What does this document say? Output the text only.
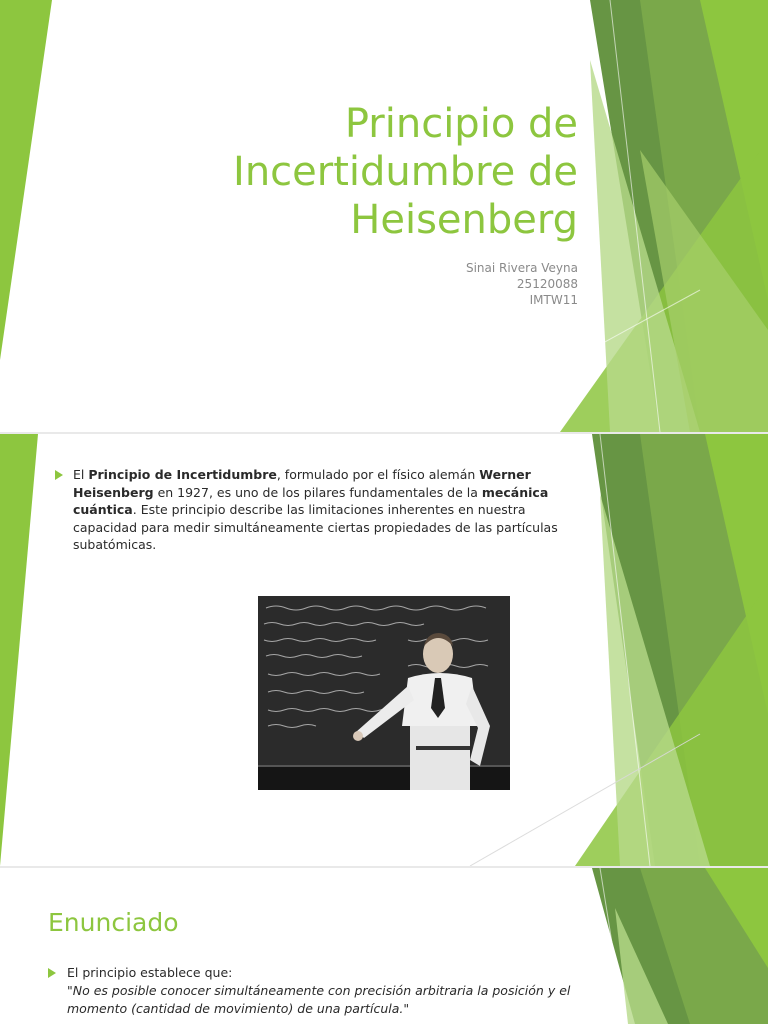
Principio de
Incertidumbre de
Heisenberg
Sinai Rivera Veyna
25120088
IMTW11
El Principio de Incertidumbre, formulado por el físico alemán Werner Heisenberg en 1927, es uno de los pilares fundamentales de la mecánica cuántica. Este principio describe las limitaciones inherentes en nuestra capacidad para medir simultáneamente ciertas propiedades de las partículas subatómicas.
Enunciado
El principio establece que:
"No es posible conocer simultáneamente con precisión arbitraria la posición y el momento (cantidad de movimiento) de una partícula."
